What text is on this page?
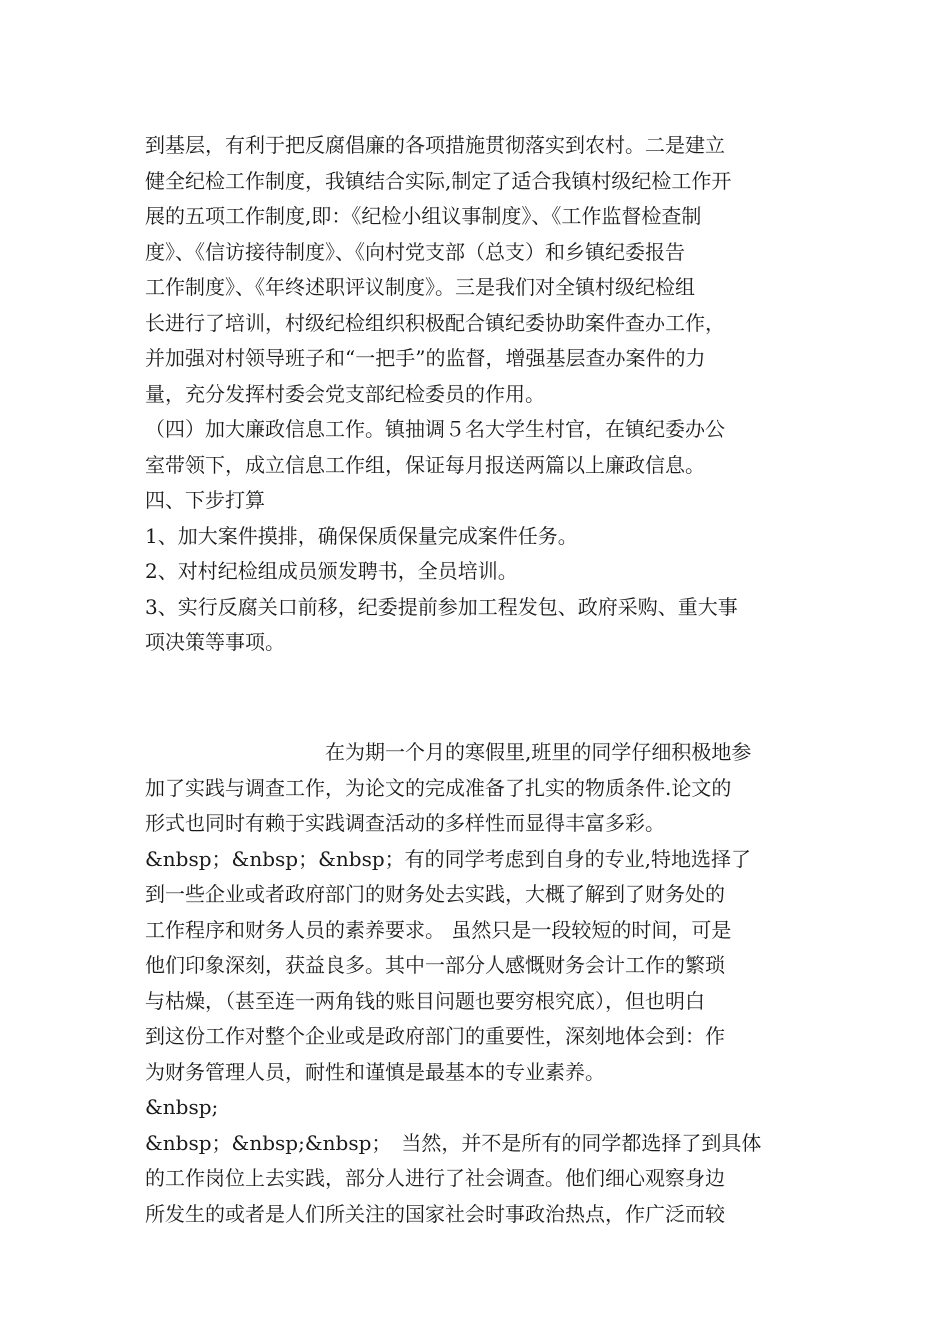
到基层，有利于把反腐倡廉的各项措施贯彻落实到农村。二是建立
健全纪检工作制度，我镇结合实际,制定了适合我镇村级纪检工作开
展的五项工作制度,即：《纪检小组议事制度》、《工作监督检查制
度》、《信访接待制度》、《向村党支部（总支）和乡镇纪委报告
工作制度》、《年终述职评议制度》。三是我们对全镇村级纪检组
长进行了培训，村级纪检组织积极配合镇纪委协助案件查办工作，
并加强对村领导班子和“一把手”的监督，增强基层查办案件的力
量，充分发挥村委会党支部纪检委员的作用。
（四）加大廉政信息工作。镇抽调５名大学生村官，在镇纪委办公
室带领下，成立信息工作组，保证每月报送两篇以上廉政信息。
四、下步打算
1、加大案件摸排，确保保质保量完成案件任务。
2、对村纪检组成员颁发聘书，全员培训。
3、实行反腐关口前移，纪委提前参加工程发包、政府采购、重大事
项决策等事项。
在为期一个月的寒假里,班里的同学仔细积极地参
加了实践与调查工作，为论文的完成准备了扎实的物质条件.论文的
形式也同时有赖于实践调查活动的多样性而显得丰富多彩。
&nbsp；&nbsp；&nbsp；有的同学考虑到自身的专业,特地选择了
到一些企业或者政府部门的财务处去实践，大概了解到了财务处的
工作程序和财务人员的素养要求。 虽然只是一段较短的时间，可是
他们印象深刻，获益良多。其中一部分人感慨财务会计工作的繁琐
与枯燥，（甚至连一两角钱的账目问题也要穷根究底），但也明白
到这份工作对整个企业或是政府部门的重要性，深刻地体会到：作
为财务管理人员，耐性和谨慎是最基本的专业素养。
&nbsp;
&nbsp；&nbsp;&nbsp；　当然，并不是所有的同学都选择了到具体
的工作岗位上去实践，部分人进行了社会调查。他们细心观察身边
所发生的或者是人们所关注的国家社会时事政治热点，作广泛而较
